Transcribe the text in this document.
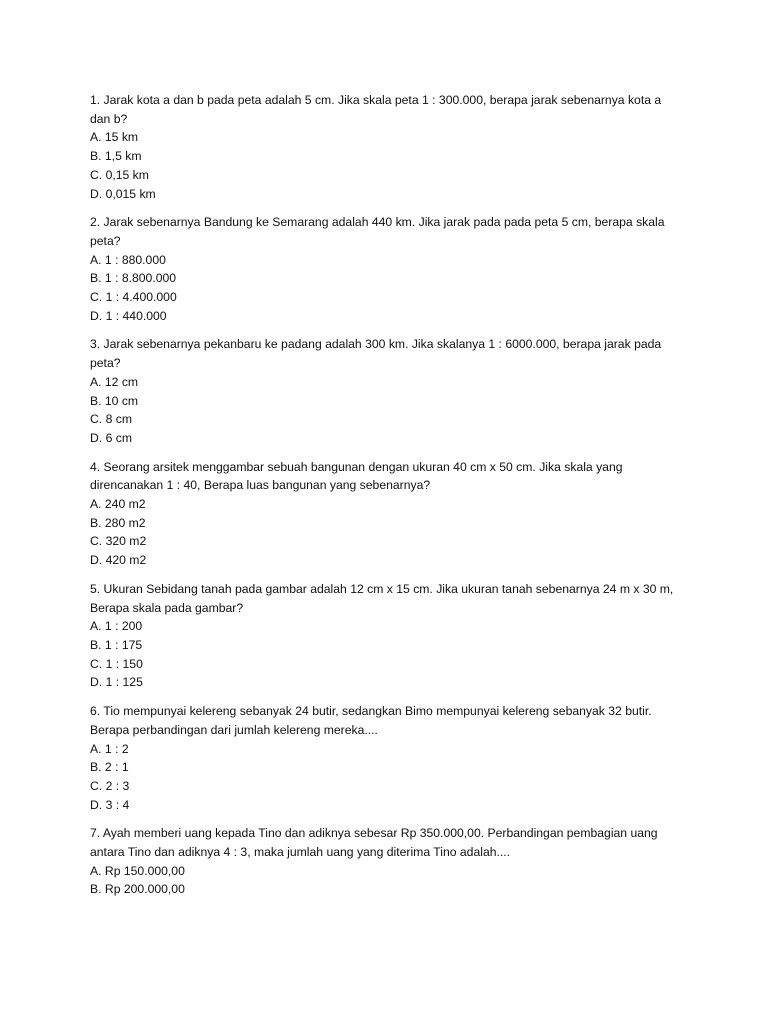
1. Jarak kota a dan b pada peta adalah 5 cm. Jika skala peta 1 : 300.000, berapa jarak sebenarnya kota a dan b?
A. 15 km
B. 1,5 km
C. 0,15 km
D. 0,015 km
2. Jarak sebenarnya Bandung ke Semarang adalah 440 km. Jika jarak pada pada peta 5 cm, berapa skala peta?
A. 1 : 880.000
B. 1 : 8.800.000
C. 1 : 4.400.000
D. 1 : 440.000
3. Jarak sebenarnya pekanbaru ke padang adalah 300 km. Jika skalanya 1 : 6000.000, berapa jarak pada peta?
A. 12 cm
B. 10 cm
C. 8 cm
D. 6 cm
4. Seorang arsitek menggambar sebuah bangunan dengan ukuran 40 cm x 50 cm. Jika skala yang direncanakan 1 : 40, Berapa luas bangunan yang sebenarnya?
A. 240 m2
B. 280 m2
C. 320 m2
D. 420 m2
5. Ukuran Sebidang tanah pada gambar adalah 12 cm x 15 cm. Jika ukuran tanah sebenarnya 24 m x 30 m, Berapa skala pada gambar?
A. 1 : 200
B. 1 : 175
C. 1 : 150
D. 1 : 125
6. Tio mempunyai kelereng sebanyak 24 butir, sedangkan Bimo mempunyai kelereng sebanyak 32 butir. Berapa perbandingan dari jumlah kelereng mereka....
A. 1 : 2
B. 2 : 1
C. 2 : 3
D. 3 : 4
7. Ayah memberi uang kepada Tino dan adiknya sebesar Rp 350.000,00. Perbandingan pembagian uang antara Tino dan adiknya 4 : 3, maka jumlah uang yang diterima Tino adalah....
A. Rp 150.000,00
B. Rp 200.000,00
